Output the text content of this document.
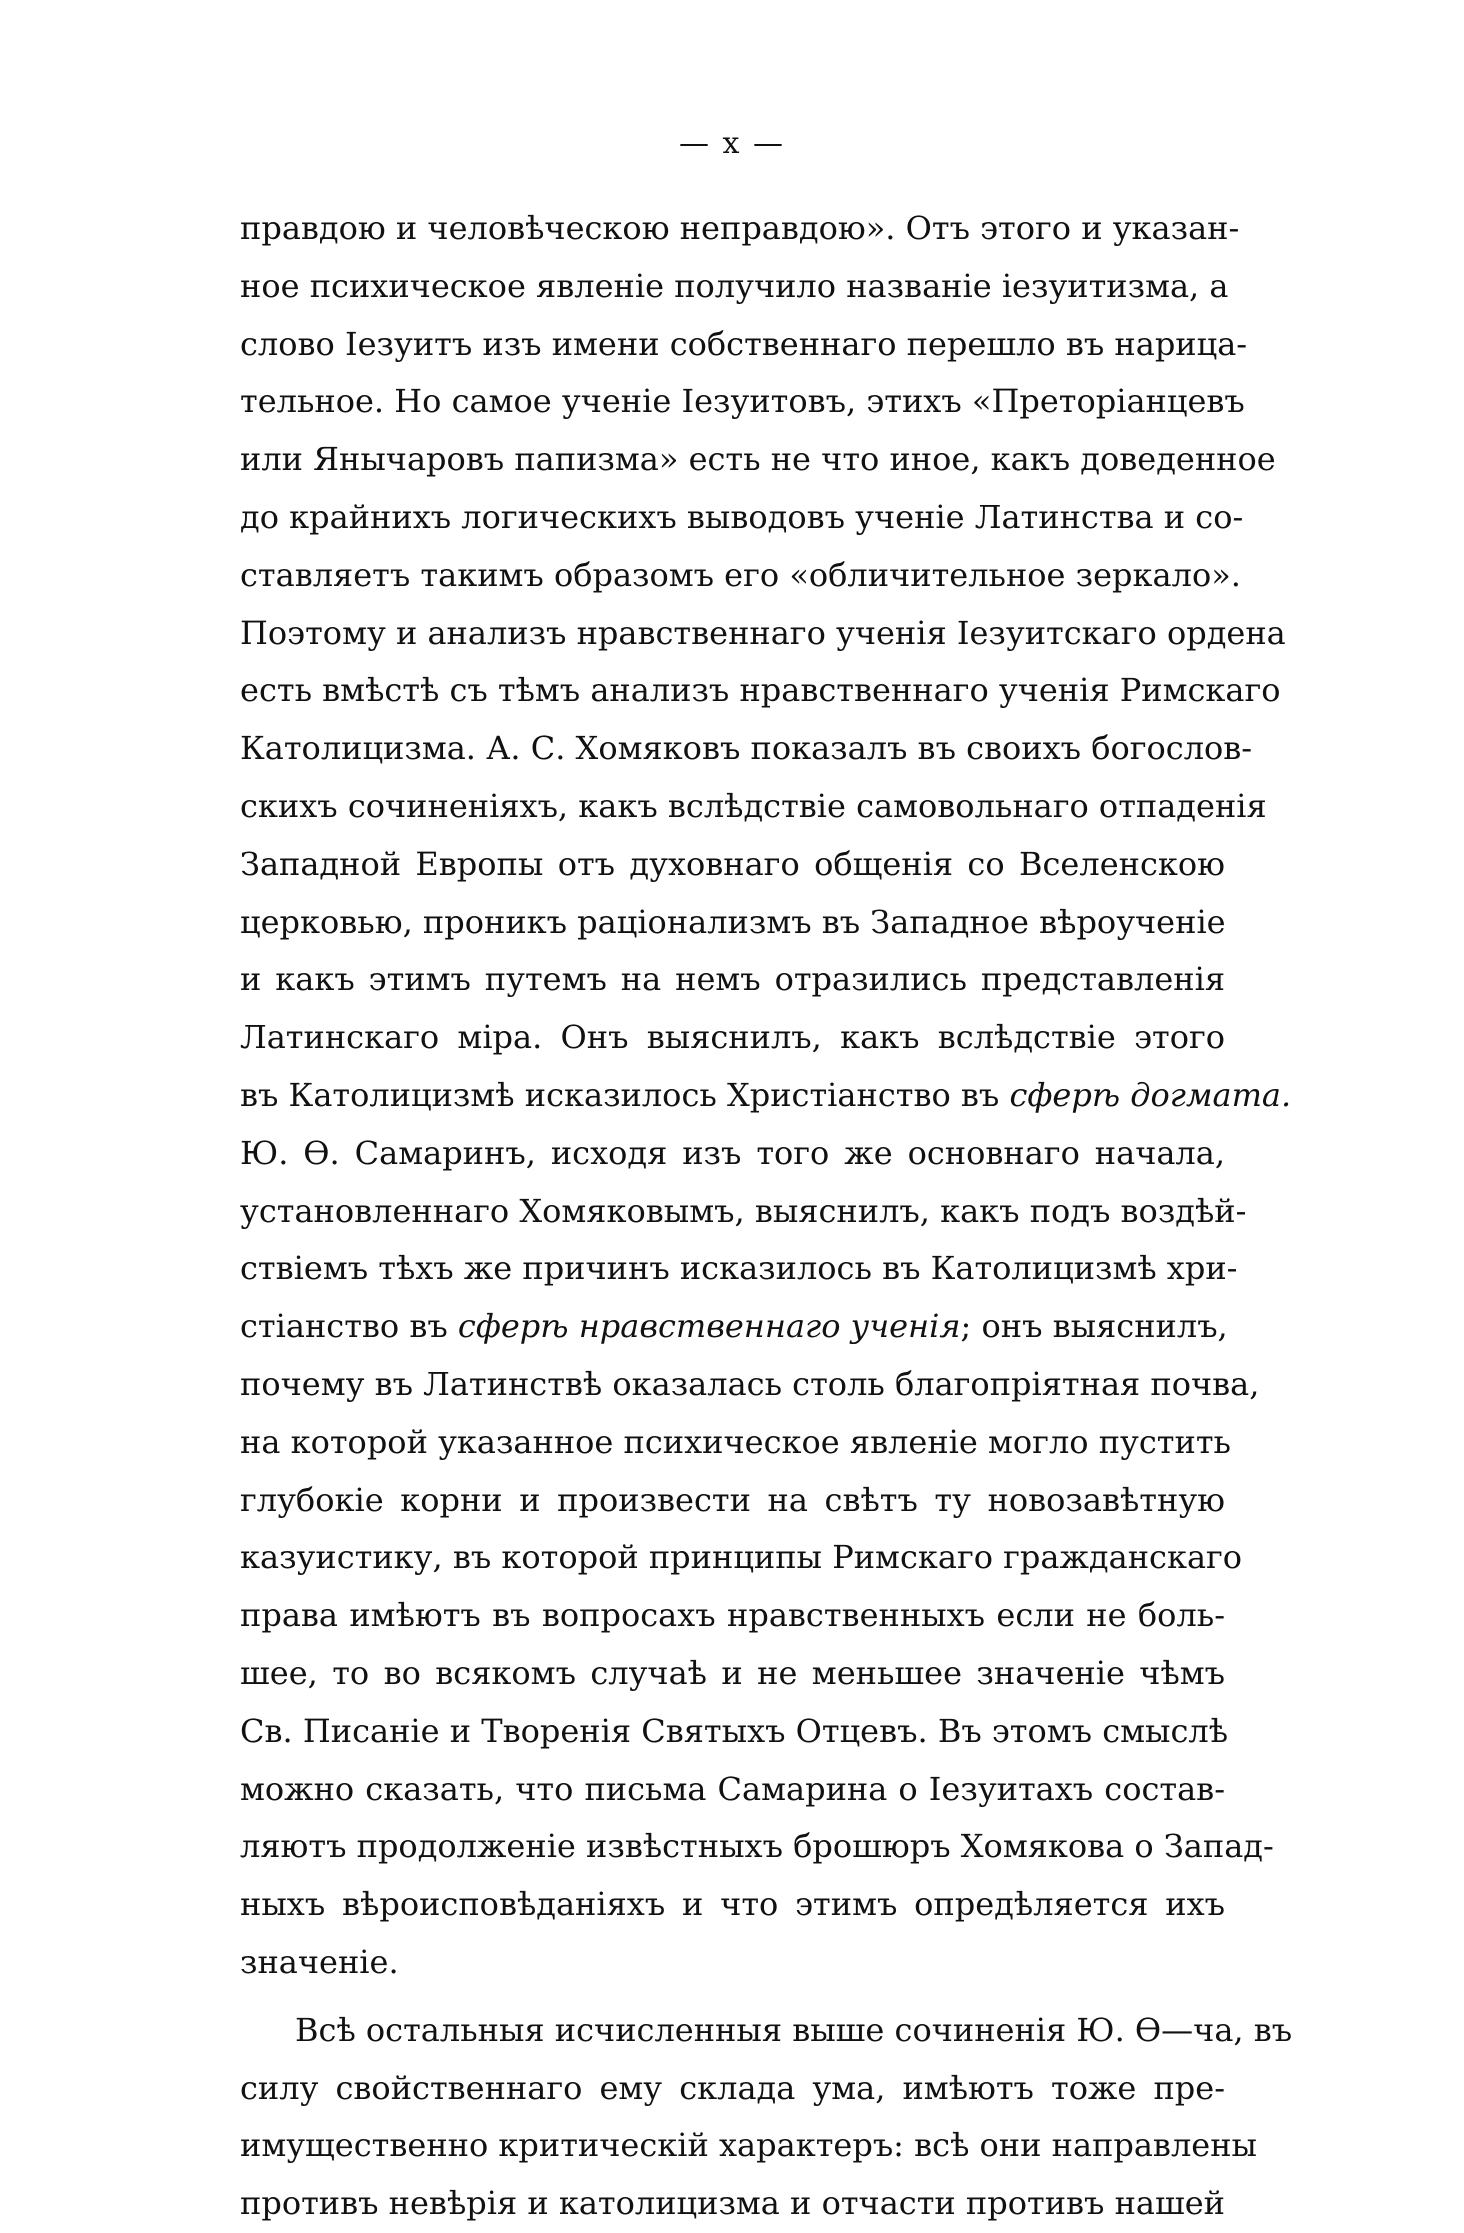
— x —
правдою и человѣческою неправдою». Отъ этого и указан-
ное психическое явленіе получило названіе іезуитизма, а
слово Іезуитъ изъ имени собственнаго перешло въ нарица-
тельное. Но самое ученіе Іезуитовъ, этихъ «Преторіанцевъ
или Янычаровъ папизма» есть не что иное, какъ доведенное
до крайнихъ логическихъ выводовъ ученіе Латинства и со-
ставляетъ такимъ образомъ его «обличительное зеркало».
Поэтому и анализъ нравственнаго ученія Іезуитскаго ордена
есть вмѣстѣ съ тѣмъ анализъ нравственнаго ученія Римскаго
Католицизма. А. С. Хомяковъ показалъ въ своихъ богослов-
скихъ сочиненіяхъ, какъ вслѣдствіе самовольнаго отпаденія
Западной Европы отъ духовнаго общенія со Вселенскою
церковью, проникъ раціонализмъ въ Западное вѣроученіе
и какъ этимъ путемъ на немъ отразились представленія
Латинскаго міра. Онъ выяснилъ, какъ вслѣдствіе этого
въ Католицизмѣ исказилось Христіанство въ сферѣ догмата.
Ю. Ѳ. Самаринъ, исходя изъ того же основнаго начала,
установленнаго Хомяковымъ, выяснилъ, какъ подъ воздѣй-
ствіемъ тѣхъ же причинъ исказилось въ Католицизмѣ хри-
стіанство въ сферѣ нравственнаго ученія; онъ выяснилъ,
почему въ Латинствѣ оказалась столь благопріятная почва,
на которой указанное психическое явленіе могло пустить
глубокіе корни и произвести на свѣтъ ту новозавѣтную
казуистику, въ которой принципы Римскаго гражданскаго
права имѣютъ въ вопросахъ нравственныхъ если не боль-
шее, то во всякомъ случаѣ и не меньшее значеніе чѣмъ
Св. Писаніе и Творенія Святыхъ Отцевъ. Въ этомъ смыслѣ
можно сказать, что письма Самарина о Іезуитахъ состав-
ляютъ продолженіе извѣстныхъ брошюръ Хомякова о Запад-
ныхъ вѣроисповѣданіяхъ и что этимъ опредѣляется ихъ
значеніе.
Всѣ остальныя исчисленныя выше сочиненія Ю. Ѳ—ча, въ
силу свойственнаго ему склада ума, имѣютъ тоже пре-
имущественно критическій характеръ: всѣ они направлены
противъ невѣрія и католицизма и отчасти противъ нашей
